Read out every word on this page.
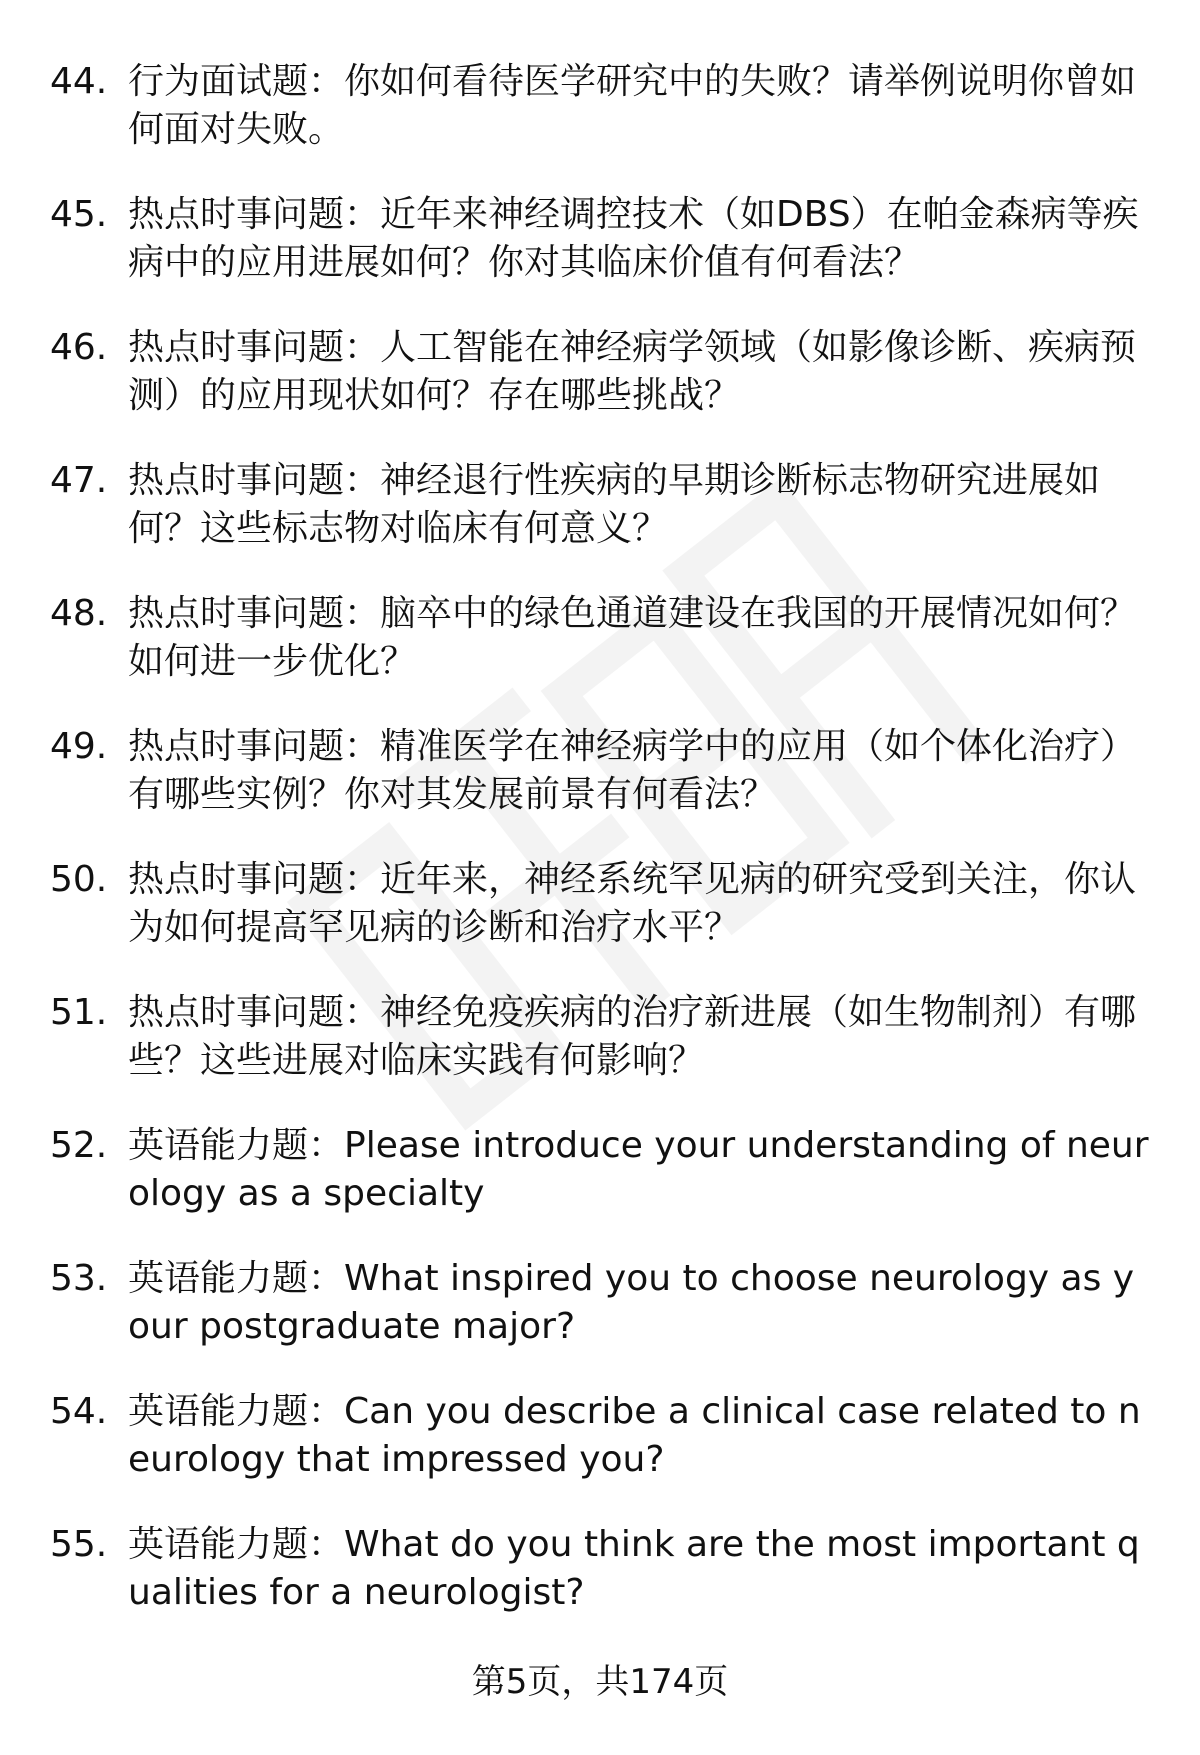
44. 行为面试题：你如何看待医学研究中的失败？请举例说明你曾如何面对失败。
45. 热点时事问题：近年来神经调控技术（如DBS）在帕金森病等疾病中的应用进展如何？你对其临床价值有何看法？
46. 热点时事问题：人工智能在神经病学领域（如影像诊断、疾病预测）的应用现状如何？存在哪些挑战？
47. 热点时事问题：神经退行性疾病的早期诊断标志物研究进展如何？这些标志物对临床有何意义？
48. 热点时事问题：脑卒中的绿色通道建设在我国的开展情况如何？如何进一步优化？
49. 热点时事问题：精准医学在神经病学中的应用（如个体化治疗）有哪些实例？你对其发展前景有何看法？
50. 热点时事问题：近年来，神经系统罕见病的研究受到关注，你认为如何提高罕见病的诊断和治疗水平？
51. 热点时事问题：神经免疫疾病的治疗新进展（如生物制剂）有哪些？这些进展对临床实践有何影响？
52. 英语能力题：Please introduce your understanding of neurology as a specialty
53. 英语能力题：What inspired you to choose neurology as your postgraduate major?
54. 英语能力题：Can you describe a clinical case related to neurology that impressed you?
55. 英语能力题：What do you think are the most important qualities for a neurologist?
第5页，共174页
